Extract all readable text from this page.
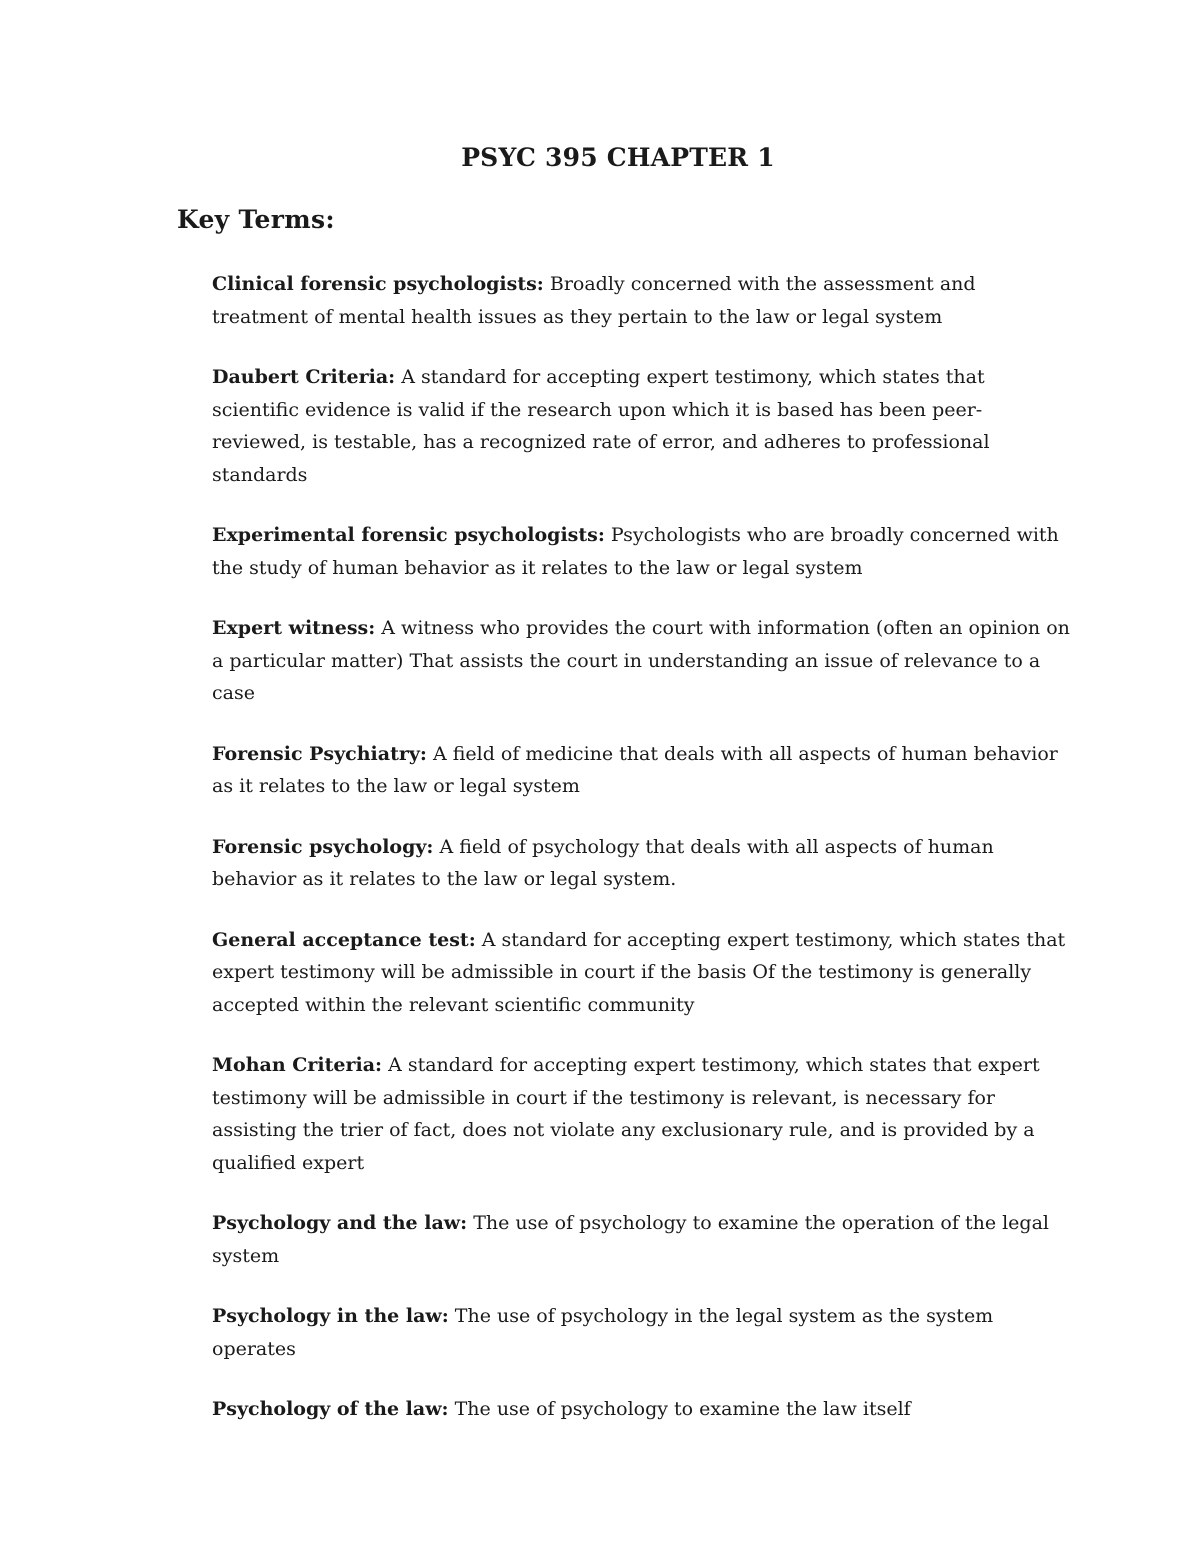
PSYC 395 CHAPTER 1
Key Terms:

Clinical forensic psychologists: Broadly concerned with the assessment and treatment of mental health issues as they pertain to the law or legal system

Daubert Criteria: A standard for accepting expert testimony, which states that scientific evidence is valid if the research upon which it is based has been peer-reviewed, is testable, has a recognized rate of error, and adheres to professional standards

Experimental forensic psychologists: Psychologists who are broadly concerned with the study of human behavior as it relates to the law or legal system

Expert witness: A witness who provides the court with information (often an opinion on a particular matter) That assists the court in understanding an issue of relevance to a case

Forensic Psychiatry: A field of medicine that deals with all aspects of human behavior as it relates to the law or legal system

Forensic psychology: A field of psychology that deals with all aspects of human behavior as it relates to the law or legal system.

General acceptance test: A standard for accepting expert testimony, which states that expert testimony will be admissible in court if the basis Of the testimony is generally accepted within the relevant scientific community

Mohan Criteria: A standard for accepting expert testimony, which states that expert testimony will be admissible in court if the testimony is relevant, is necessary for assisting the trier of fact, does not violate any exclusionary rule, and is provided by a qualified expert

Psychology and the law: The use of psychology to examine the operation of the legal system

Psychology in the law: The use of psychology in the legal system as the system operates

Psychology of the law: The use of psychology to examine the law itself
